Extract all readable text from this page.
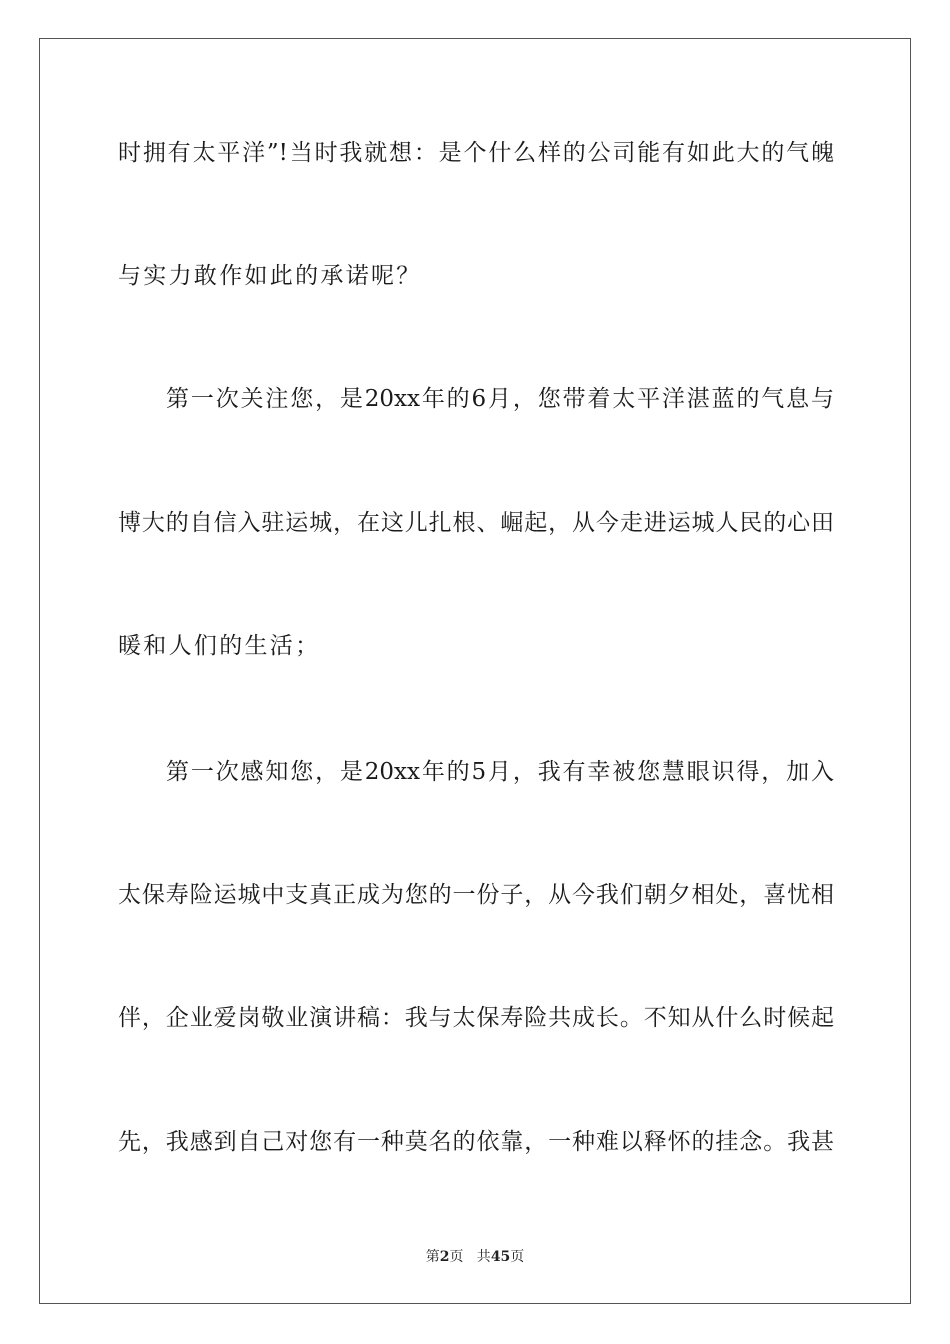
时拥有太平洋”!当时我就想：是个什么样的公司能有如此大的气魄

与实力敢作如此的承诺呢？

第一次关注您，是20xx年的6月，您带着太平洋湛蓝的气息与

博大的自信入驻运城，在这儿扎根、崛起，从今走进运城人民的心田

暖和人们的生活；

第一次感知您，是20xx年的5月，我有幸被您慧眼识得，加入

太保寿险运城中支真正成为您的一份子，从今我们朝夕相处，喜忧相

伴，企业爱岗敬业演讲稿：我与太保寿险共成长。不知从什么时候起

先，我感到自己对您有一种莫名的依靠，一种难以释怀的挂念。我甚

第2页   共45页
